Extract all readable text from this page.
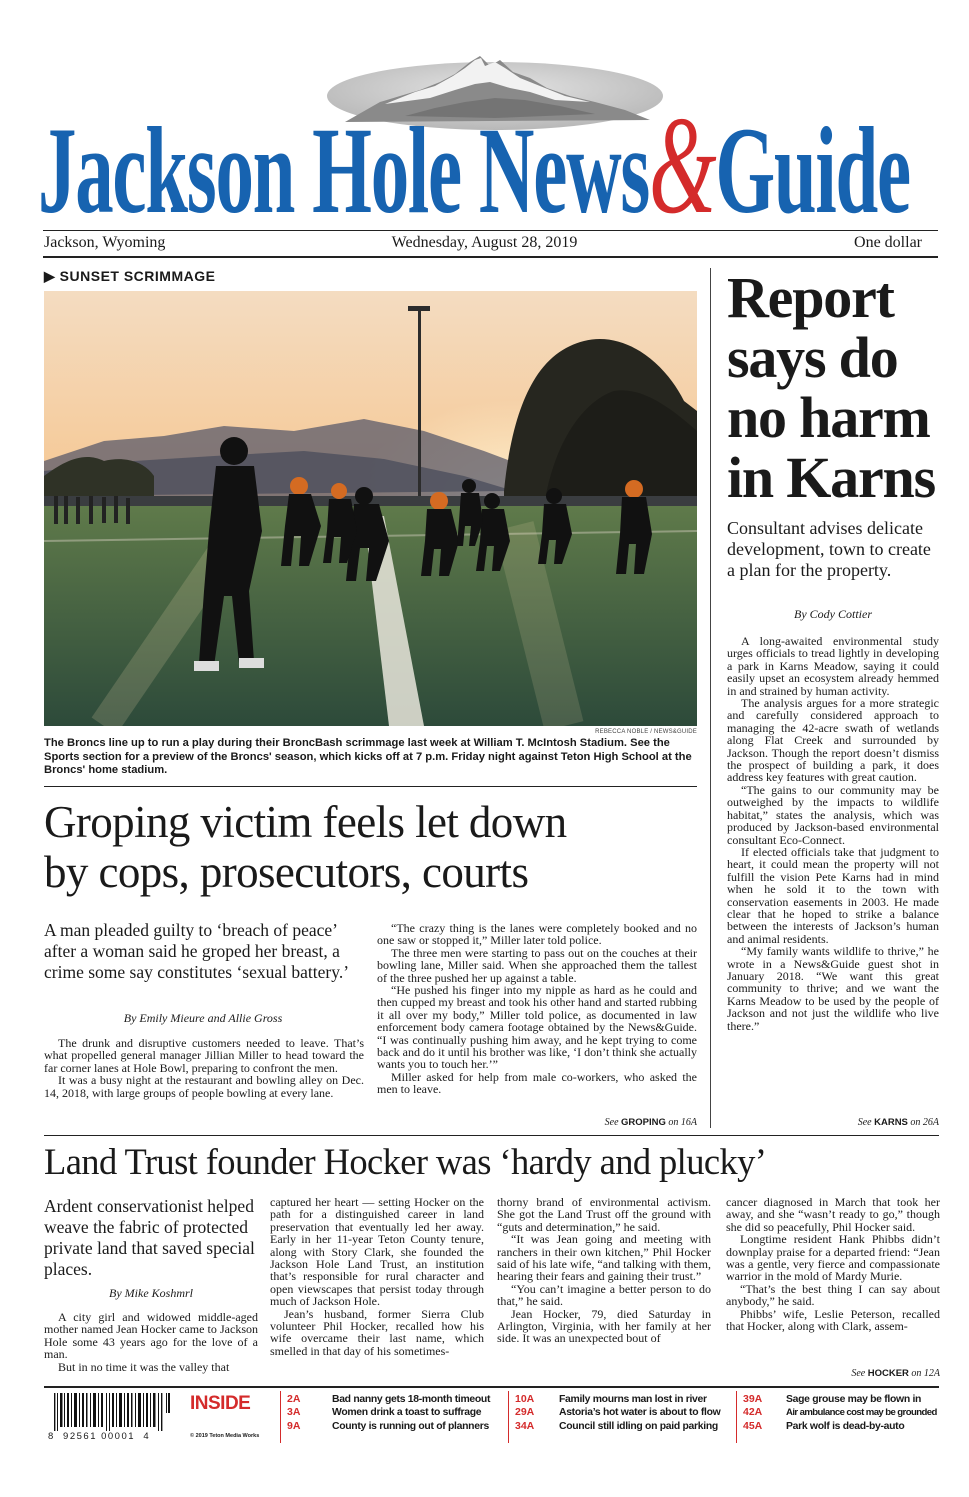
Jackson Hole News&Guide
Jackson, Wyoming	Wednesday, August 28, 2019	One dollar
▶ SUNSET SCRIMMAGE
REBECCA NOBLE / NEWS&GUIDE
The Broncs line up to run a play during their BroncBash scrimmage last week at William T. McIntosh Stadium. See the Sports section for a preview of the Broncs' season, which kicks off at 7 p.m. Friday night against Teton High School at the Broncs' home stadium.
Groping victim feels let down
by cops, prosecutors, courts
A man pleaded guilty to ‘breach of peace’ after a woman said he groped her breast, a crime some say constitutes ‘sexual battery.’
By Emily Mieure and Allie Gross

The drunk and disruptive customers needed to leave. That’s what propelled general manager Jillian Miller to head toward the far corner lanes at Hole Bowl, preparing to confront the men.

It was a busy night at the restaurant and bowling alley on Dec. 14, 2018, with large groups of people bowling at every lane.

“The crazy thing is the lanes were completely booked and no one saw or stopped it,” Miller later told police.

The three men were starting to pass out on the couches at their bowling lane, Miller said. When she approached them the tallest of the three pushed her up against a table.

“He pushed his finger into my nipple as hard as he could and then cupped my breast and took his other hand and started rubbing it all over my body,” Miller told police, as documented in law enforcement body camera footage obtained by the News&Guide. “I was continually pushing him away, and he kept trying to come back and do it until his brother was like, ‘I don’t think she actually wants you to touch her.’”

Miller asked for help from male co-workers, who asked the men to leave.

See GROPING on 16A
Report says do no harm in Karns
Consultant advises delicate development, town to create a plan for the property.
By Cody Cottier

A long-awaited environmental study urges officials to tread lightly in developing a park in Karns Meadow, saying it could easily upset an ecosystem already hemmed in and strained by human activity.

The analysis argues for a more strategic and carefully considered approach to managing the 42-acre swath of wetlands along Flat Creek and surrounded by Jackson. Though the report doesn’t dismiss the prospect of building a park, it does address key features with great caution.

“The gains to our community may be outweighed by the impacts to wildlife habitat,” states the analysis, which was produced by Jackson-based environmental consultant Eco-Connect.

If elected officials take that judgment to heart, it could mean the property will not fulfill the vision Pete Karns had in mind when he sold it to the town with conservation easements in 2003. He made clear that he hoped to strike a balance between the interests of Jackson’s human and animal residents.

“My family wants wildlife to thrive,” he wrote in a News&Guide guest shot in January 2018. “We want this great community to thrive; and we want the Karns Meadow to be used by the people of Jackson and not just the wildlife who live there.”

See KARNS on 26A
Land Trust founder Hocker was ‘hardy and plucky’
Ardent conservationist helped weave the fabric of protected private land that saved special places.
By Mike Koshmrl

A city girl and widowed middle-aged mother named Jean Hocker came to Jackson Hole some 43 years ago for the love of a man.

But in no time it was the valley that

captured her heart — setting Hocker on the path for a distinguished career in land preservation that eventually led her away. Early in her 11-year Teton County tenure, along with Story Clark, she founded the Jackson Hole Land Trust, an institution that’s responsible for rural character and open viewscapes that persist today through much of Jackson Hole.

Jean’s husband, former Sierra Club volunteer Phil Hocker, recalled how his wife overcame their last name, which smelled in that day of his sometimes-

thorny brand of environmental activism. She got the Land Trust off the ground with “guts and determination,” he said.

“It was Jean going and meeting with ranchers in their own kitchen,” Phil Hocker said of his late wife, “and talking with them, hearing their fears and gaining their trust.”

“You can’t imagine a better person to do that,” he said.

Jean Hocker, 79, died Saturday in Arlington, Virginia, with her family at her side. It was an unexpected bout of

cancer diagnosed in March that took her away, and she “wasn’t ready to go,” though she did so peacefully, Phil Hocker said.

Longtime resident Hank Phibbs didn’t downplay praise for a departed friend: “Jean was a gentle, very fierce and compassionate warrior in the mold of Mardy Murie.

“That’s the best thing I can say about anybody,” he said.

Phibbs’ wife, Leslie Peterson, recalled that Hocker, along with Clark, assem-

See HOCKER on 12A
8  92561 00001  4
INSIDE
© 2019 Teton Media Works
2A
3A
9A
Bad nanny gets 18-month timeout
Women drink a toast to suffrage
County is running out of planners
10A
29A
34A
Family mourns man lost in river
Astoria’s hot water is about to flow
Council still idling on paid parking
39A
42A
45A
Sage grouse may be flown in
Air ambulance cost may be grounded
Park wolf is dead-by-auto
